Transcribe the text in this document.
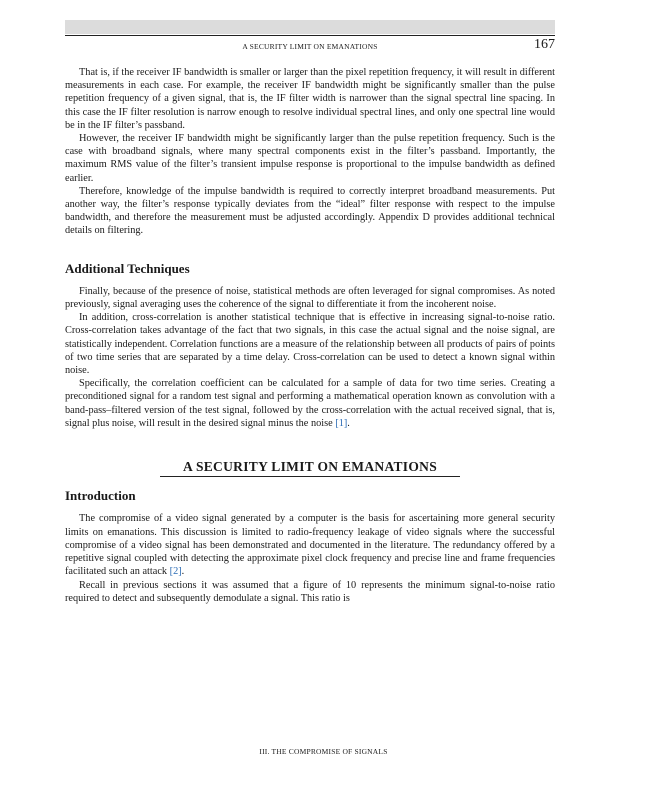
A SECURITY LIMIT ON EMANATIONS	167

That is, if the receiver IF bandwidth is smaller or larger than the pixel repetition frequency, it will result in different measurements in each case. For example, the receiver IF bandwidth might be significantly smaller than the pulse repetition frequency of a given signal, that is, the IF filter width is narrower than the signal spectral line spacing. In this case the IF filter resolution is narrow enough to resolve individual spectral lines, and only one spectral line would be in the IF filter’s passband.

However, the receiver IF bandwidth might be significantly larger than the pulse repetition frequency. Such is the case with broadband signals, where many spectral components exist in the filter’s passband. Importantly, the maximum RMS value of the filter’s transient impulse response is proportional to the impulse bandwidth as defined earlier.

Therefore, knowledge of the impulse bandwidth is required to correctly interpret broadband measurements. Put another way, the filter’s response typically deviates from the “ideal” filter response with respect to the impulse bandwidth, and therefore the measurement must be adjusted accordingly. Appendix D provides additional technical details on filtering.

Additional Techniques

Finally, because of the presence of noise, statistical methods are often leveraged for signal compromises. As noted previously, signal averaging uses the coherence of the signal to differentiate it from the incoherent noise.

In addition, cross-correlation is another statistical technique that is effective in increasing signal-to-noise ratio. Cross-correlation takes advantage of the fact that two signals, in this case the actual signal and the noise signal, are statistically independent. Correlation functions are a measure of the relationship between all products of pairs of points of two time series that are separated by a time delay. Cross-correlation can be used to detect a known signal within noise.

Specifically, the correlation coefficient can be calculated for a sample of data for two time series. Creating a preconditioned signal for a random test signal and performing a mathematical operation known as convolution with a band-pass–filtered version of the test signal, followed by the cross-correlation with the actual received signal, that is, signal plus noise, will result in the desired signal minus the noise [1].

A SECURITY LIMIT ON EMANATIONS
Introduction

The compromise of a video signal generated by a computer is the basis for ascertaining more general security limits on emanations. This discussion is limited to radio-frequency leakage of video signals where the successful compromise of a video signal has been demonstrated and documented in the literature. The redundancy offered by a repetitive signal coupled with detecting the approximate pixel clock frequency and precise line and frame frequencies facilitated such an attack [2].

Recall in previous sections it was assumed that a figure of 10 represents the minimum signal-to-noise ratio required to detect and subsequently demodulate a signal. This ratio is

III. THE COMPROMISE OF SIGNALS
